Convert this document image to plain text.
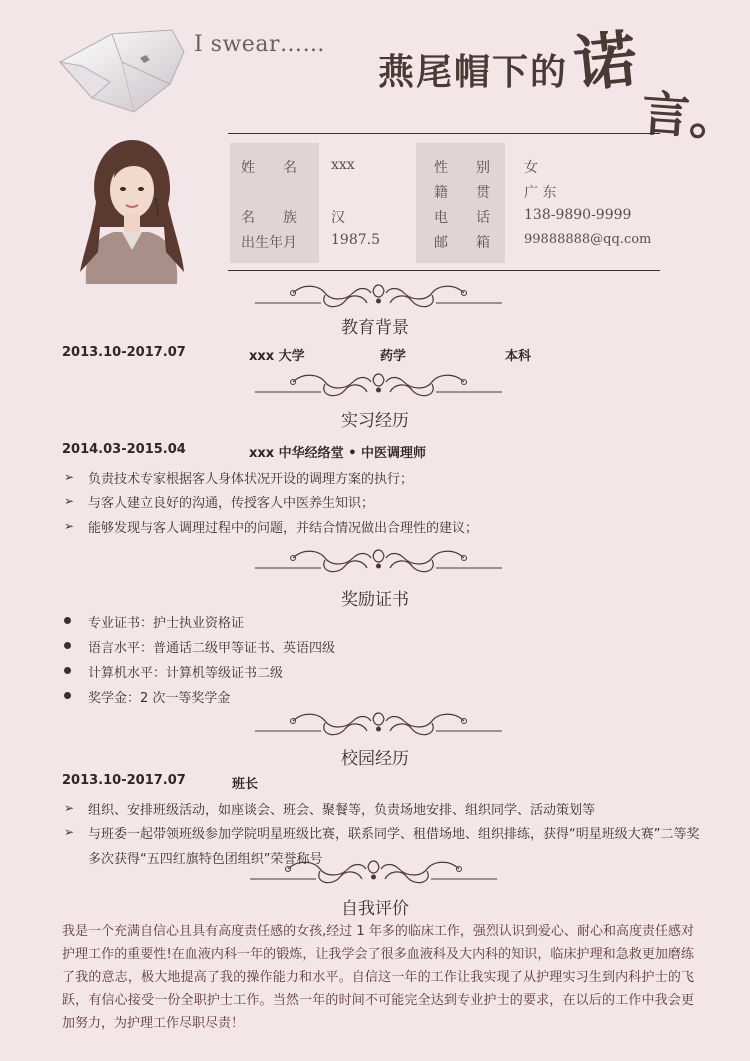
I swear……
燕尾帽下的 诺
言。
姓　　名 xxx
名　　族 汉
出生年月 1987.5
性　　别 女
籍　　贯 广 东
电　　话 138-9890-9999
邮　　箱	99888888@qq.com
教育背景
2013.10-2017.07	xxx 大学	药学	本科
实习经历
2014.03-2015.04	xxx 中华经络堂 • 中医调理师
➢ 负责技术专家根据客人身体状况开设的调理方案的执行；
➢ 与客人建立良好的沟通，传授客人中医养生知识；
➢ 能够发现与客人调理过程中的问题，并结合情况做出合理性的建议；
奖励证书
专业证书：护士执业资格证
语言水平：普通话二级甲等证书、英语四级
计算机水平：计算机等级证书二级
奖学金：2 次一等奖学金
校园经历
2013.10-2017.07	班长
➢ 组织、安排班级活动，如座谈会、班会、聚餐等，负责场地安排、组织同学、活动策划等
➢ 与班委一起带领班级参加学院明星班级比赛，联系同学、租借场地、组织排练，获得“明星班级大赛”二等奖
多次获得“五四红旗特色团组织”荣誉称号
自我评价
我是一个充满自信心且具有高度责任感的女孩,经过 1 年多的临床工作，强烈认识到爱心、耐心和高度责任感对护理工作的重要性!在血液内科一年的锻炼，让我学会了很多血液科及大内科的知识，临床护理和急救更加磨练了我的意志，极大地提高了我的操作能力和水平。自信这一年的工作让我实现了从护理实习生到内科护士的飞跃，有信心接受一份全职护士工作。当然一年的时间不可能完全达到专业护士的要求，在以后的工作中我会更加努力，为护理工作尽职尽责！
